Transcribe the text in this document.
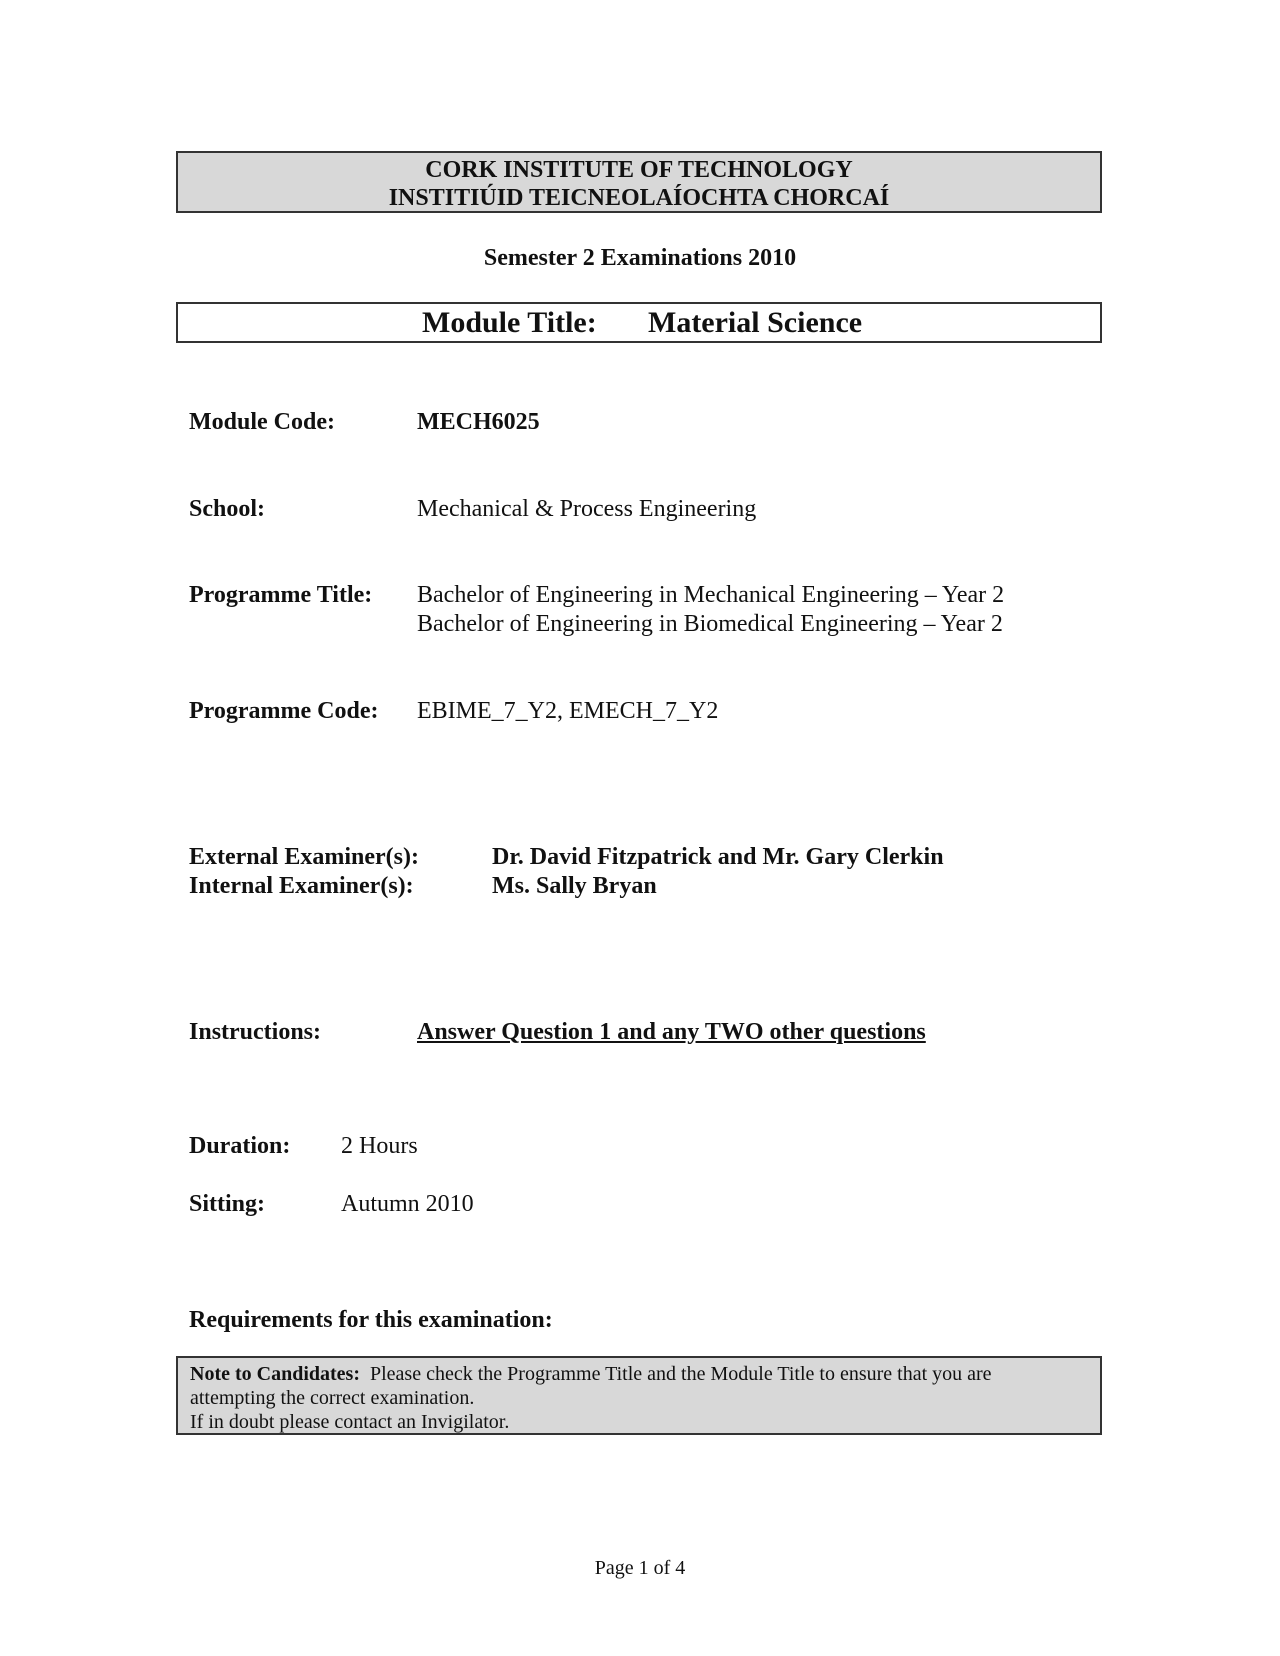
CORK INSTITUTE OF TECHNOLOGY
INSTITIÚID TEICNEOLAÍOCHTA CHORCAÍ
Semester 2 Examinations 2010
Module Title: Material Science
Module Code:	MECH6025
School:	Mechanical & Process Engineering
Programme Title: Bachelor of Engineering in Mechanical Engineering – Year 2
Bachelor of Engineering in Biomedical Engineering – Year 2
Programme Code: EBIME_7_Y2, EMECH_7_Y2
External Examiner(s):	Dr. David Fitzpatrick and Mr. Gary Clerkin
Internal Examiner(s):	Ms. Sally Bryan
Instructions:	Answer Question 1 and any TWO other questions
Duration: 2 Hours
Sitting:	Autumn 2010
Requirements for this examination:
Note to Candidates: Please check the Programme Title and the Module Title to ensure that you are
attempting the correct examination.
If in doubt please contact an Invigilator.
Page 1 of 4
